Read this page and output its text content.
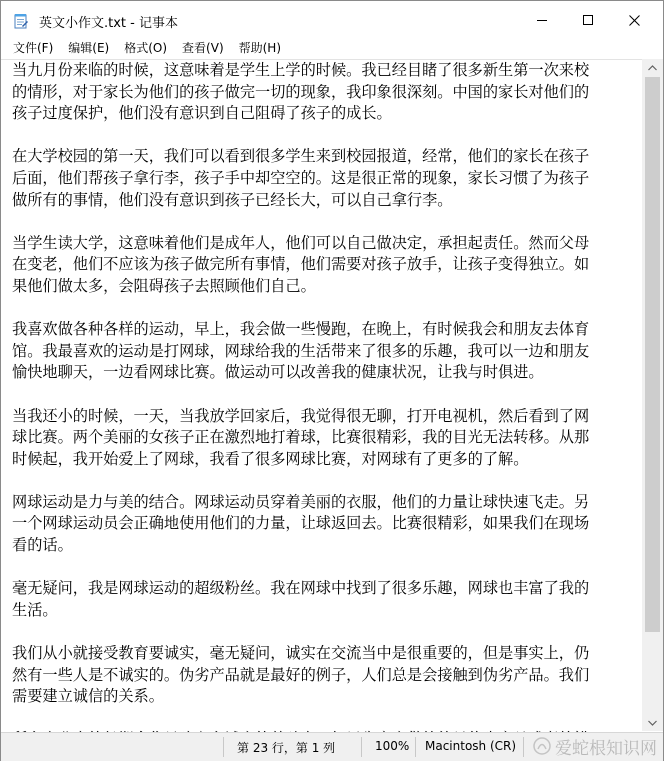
英文小作文.txt - 记事本
文件(F)	编辑(E)	格式(O)	查看(V)	帮助(H)
当九月份来临的时候，这意味着是学生上学的时候。我已经目睹了很多新生第一次来校
的情形，对于家长为他们的孩子做完一切的现象，我印象很深刻。中国的家长对他们的
孩子过度保护，他们没有意识到自己阻碍了孩子的成长。
在大学校园的第一天，我们可以看到很多学生来到校园报道，经常，他们的家长在孩子
后面，他们帮孩子拿行李，孩子手中却空空的。这是很正常的现象，家长习惯了为孩子
做所有的事情，他们没有意识到孩子已经长大，可以自己拿行李。
当学生读大学，这意味着他们是成年人，他们可以自己做决定，承担起责任。然而父母
在变老，他们不应该为孩子做完所有事情，他们需要对孩子放手，让孩子变得独立。如
果他们做太多，会阻碍孩子去照顾他们自己。
我喜欢做各种各样的运动，早上，我会做一些慢跑，在晚上，有时候我会和朋友去体育
馆。我最喜欢的运动是打网球，网球给我的生活带来了很多的乐趣，我可以一边和朋友
愉快地聊天，一边看网球比赛。做运动可以改善我的健康状况，让我与时俱进。
当我还小的时候，一天，当我放学回家后，我觉得很无聊，打开电视机，然后看到了网
球比赛。两个美丽的女孩子正在激烈地打着球，比赛很精彩，我的目光无法转移。从那
时候起，我开始爱上了网球，我看了很多网球比赛，对网球有了更多的了解。
网球运动是力与美的结合。网球运动员穿着美丽的衣服，他们的力量让球快速飞走。另
一个网球运动员会正确地使用他们的力量，让球返回去。比赛很精彩，如果我们在现场
看的话。
毫无疑问，我是网球运动的超级粉丝。我在网球中找到了很多乐趣，网球也丰富了我的
生活。
我们从小就接受教育要诚实，毫无疑问，诚实在交流当中是很重要的，但是事实上，仍
然有一些人是不诚实的。伪劣产品就是最好的例子，人们总是会接触到伪劣产品。我们
需要建立诚信的关系。
第 23 行，第 1 列	100% Macintosh (CR) 爱蛇根知识网
